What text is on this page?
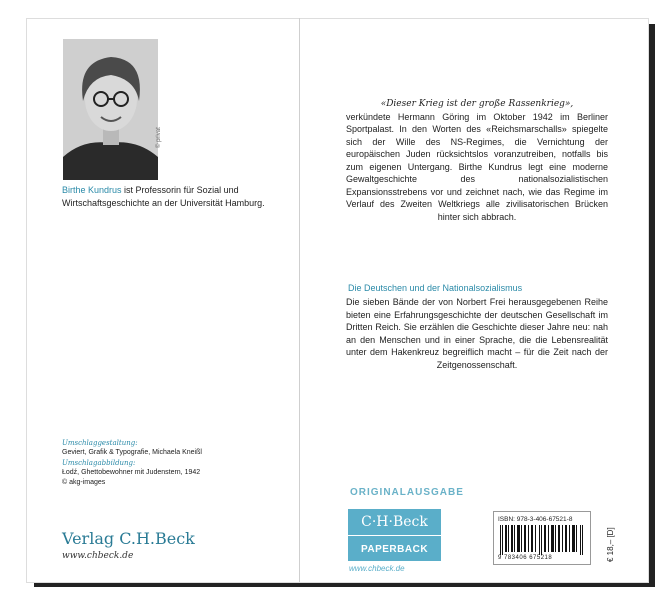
© privat
Birthe Kundrus ist Professorin für Sozial und Wirtschaftsgeschichte an der Universität Hamburg.
Umschlaggestaltung:
Geviert, Grafik & Typografie, Michaela Kneißl
Umschlagabbildung:
Łodź, Ghettobewohner mit Judenstern, 1942
© akg-images
Verlag C.H.Beck
www.chbeck.de
«Dieser Krieg ist der große Rassenkrieg»,
verkündete Hermann Göring im Oktober 1942 im Berliner Sportpalast. In den Worten des «Reichsmarschalls» spiegelte sich der Wille des NS-Regimes, die Vernichtung der europäischen Juden rücksichtslos voranzutreiben, notfalls bis zum eigenen Untergang. Birthe Kundrus legt eine moderne Gewaltgeschichte des nationalsozialistischen Expansionsstrebens vor und zeichnet nach, wie das Regime im Verlauf des Zweiten Weltkriegs alle zivilisatorischen Brücken hinter sich abbrach.
Die Deutschen und der Nationalsozialismus
Die sieben Bände der von Norbert Frei herausgegebenen Reihe bieten eine Erfahrungsgeschichte der deutschen Gesellschaft im Dritten Reich. Sie erzählen die Geschichte dieser Jahre neu: nah an den Menschen und in einer Sprache, die die Lebensrealität unter dem Hakenkreuz begreiflich macht – für die Zeit nach der Zeitgenossenschaft.
ORIGINALAUSGABE
C·H·Beck
PAPERBACK
www.chbeck.de
ISBN: 978-3-406-67521-8
9 783406 675218	€ 18,– [D]
